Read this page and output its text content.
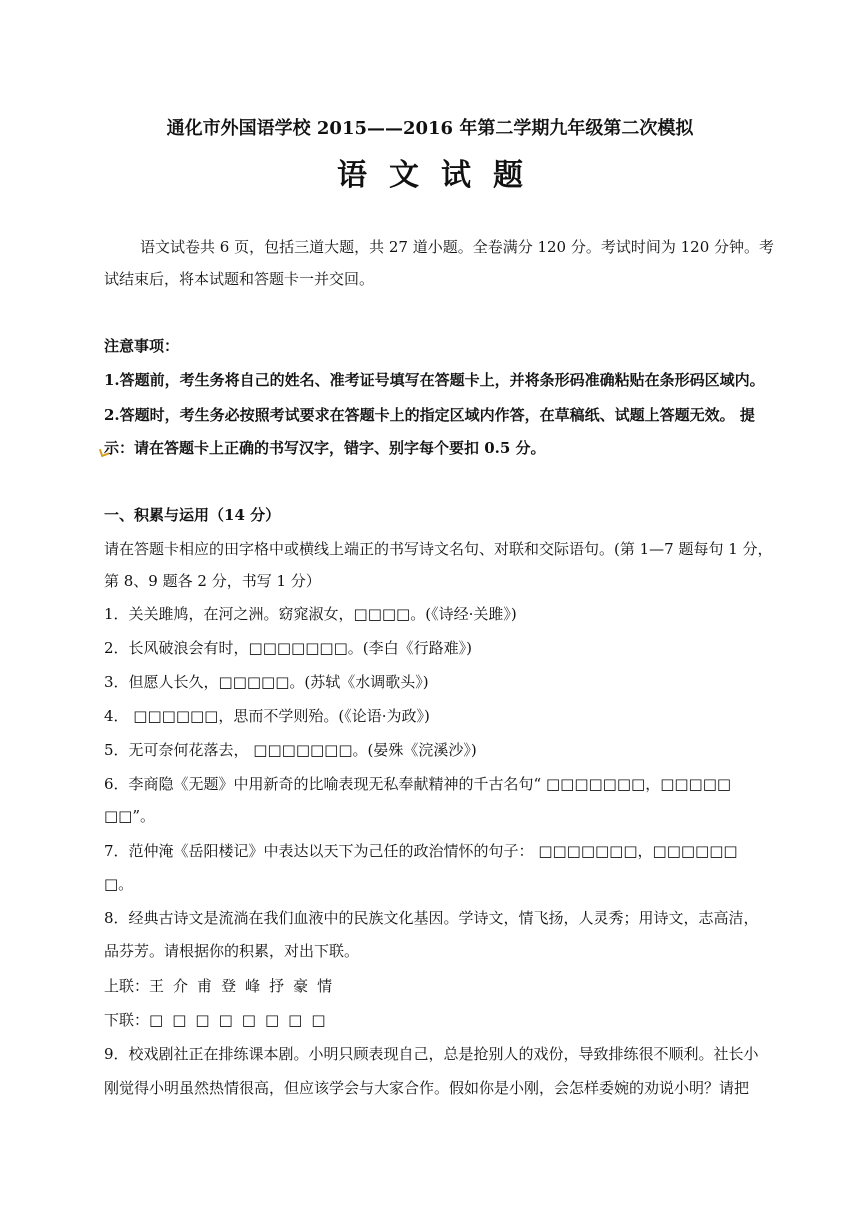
通化市外国语学校 2015——2016 年第二学期九年级第二次模拟
语文试题
语文试卷共 6 页，包括三道大题，共 27 道小题。全卷满分 120 分。考试时间为 120 分钟。考
试结束后，将本试题和答题卡一并交回。
注意事项：
1.答题前，考生务将自己的姓名、准考证号填写在答题卡上，并将条形码准确粘贴在条形码区域内。
2.答题时，考生务必按照考试要求在答题卡上的指定区域内作答，在草稿纸、试题上答题无效。 提
示：请在答题卡上正确的书写汉字，错字、别字每个要扣 0.5 分。
一、积累与运用（14 分）
请在答题卡相应的田字格中或横线上端正的书写诗文名句、对联和交际语句。(第 1—7 题每句 1 分，
第 8、9 题各 2 分，书写 1 分）
1．关关雎鸠，在河之洲。窈窕淑女，□□□□。(《诗经·关雎》)
2．长风破浪会有时，□□□□□□□。(李白《行路难》)
3．但愿人长久，□□□□□。(苏轼《水调歌头》)
4． □□□□□□，思而不学则殆。(《论语·为政》)
5．无可奈何花落去， □□□□□□□。(晏殊《浣溪沙》)
6．李商隐《无题》中用新奇的比喻表现无私奉献精神的千古名句“ □□□□□□□，□□□□□
□□”。
7．范仲淹《岳阳楼记》中表达以天下为己任的政治情怀的句子： □□□□□□□，□□□□□□
□。
8．经典古诗文是流淌在我们血液中的民族文化基因。学诗文，情飞扬，人灵秀；用诗文，志高洁，
品芬芳。请根据你的积累，对出下联。
上联：王 介 甫 登 峰 抒 豪 情
下联：□ □ □ □ □ □ □ □
9．校戏剧社正在排练课本剧。小明只顾表现自己，总是抢别人的戏份，导致排练很不顺利。社长小
刚觉得小明虽然热情很高，但应该学会与大家合作。假如你是小刚，会怎样委婉的劝说小明？请把
